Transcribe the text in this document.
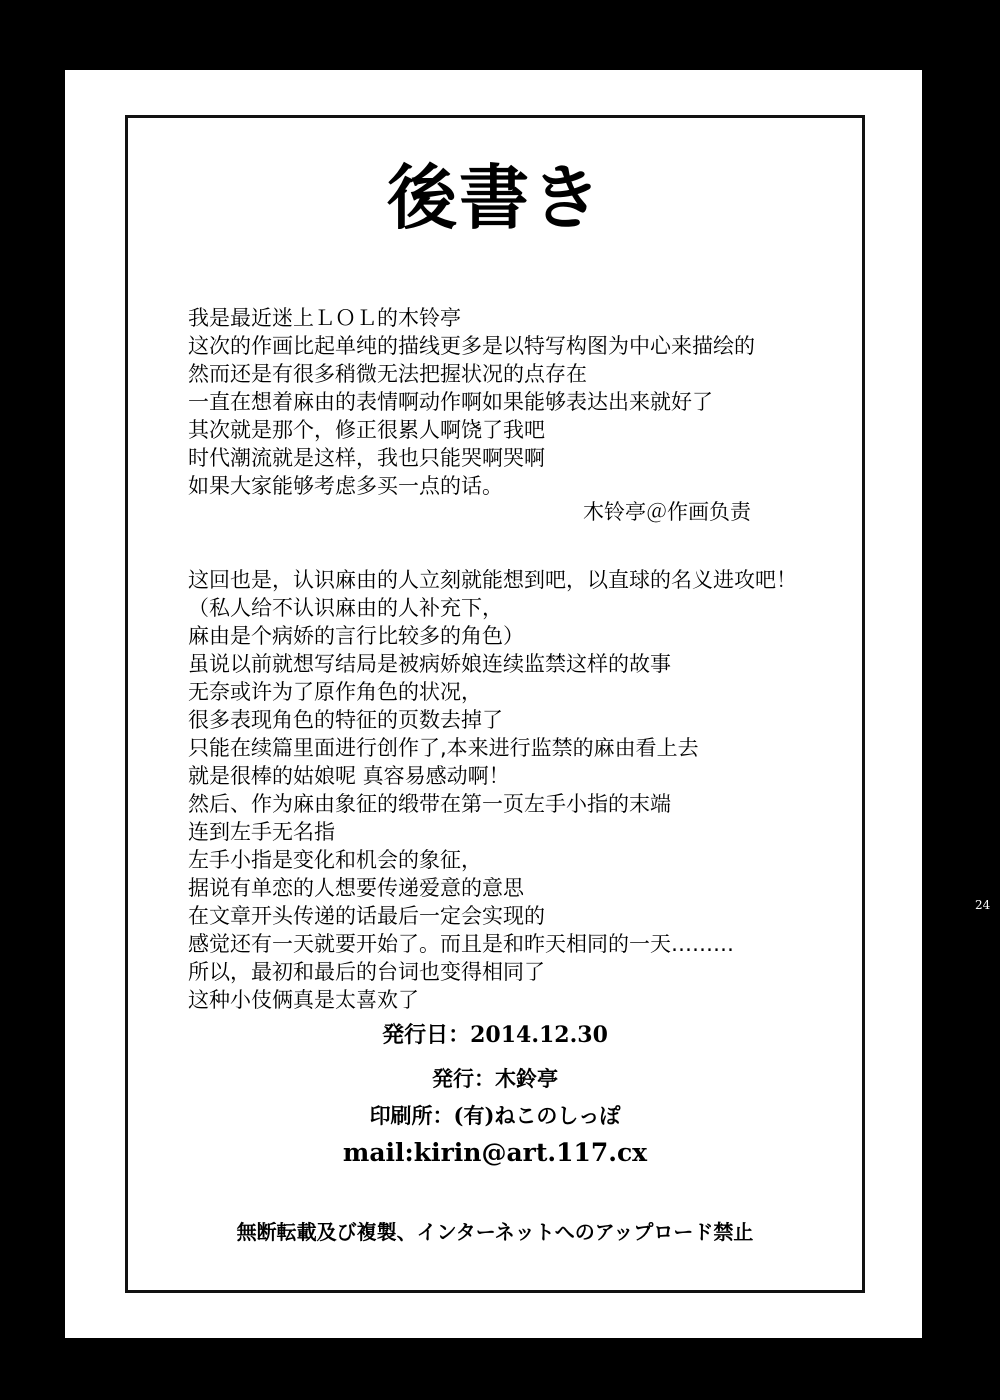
後書き
我是最近迷上ＬＯＬ的木铃亭
这次的作画比起单纯的描线更多是以特写构图为中心来描绘的
然而还是有很多稍微无法把握状况的点存在
一直在想着麻由的表情啊动作啊如果能够表达出来就好了
其次就是那个，修正很累人啊饶了我吧
时代潮流就是这样，我也只能哭啊哭啊
如果大家能够考虑多买一点的话。
木铃亭＠作画负责
这回也是，认识麻由的人立刻就能想到吧，以直球的名义进攻吧！
（私人给不认识麻由的人补充下，
麻由是个病娇的言行比较多的角色）
虽说以前就想写结局是被病娇娘连续监禁这样的故事
无奈或许为了原作角色的状况，
很多表现角色的特征的页数去掉了
只能在续篇里面进行创作了,本来进行监禁的麻由看上去
就是很棒的姑娘呢 真容易感动啊！
然后、作为麻由象征的缎带在第一页左手小指的末端
连到左手无名指
左手小指是变化和机会的象征，
据说有单恋的人想要传递爱意的意思
在文章开头传递的话最后一定会实现的
感觉还有一天就要开始了。而且是和昨天相同的一天………
所以，最初和最后的台词也变得相同了
这种小伎俩真是太喜欢了
発行日：2014.12.30
発行：木鈴亭
印刷所：(有)ねこのしっぽ
mail:kirin@art.117.cx
無断転載及び複製、インターネットへのアップロード禁止
24
